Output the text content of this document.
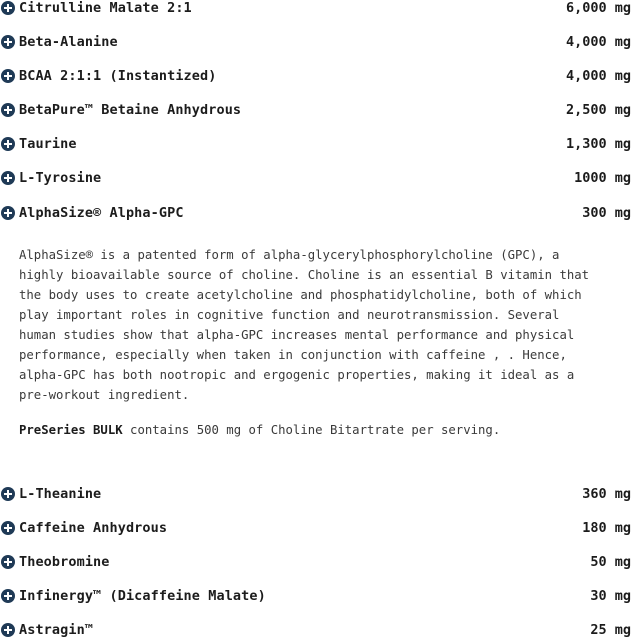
Citrulline Malate 2:1	6,000 mg
Beta-Alanine	4,000 mg
BCAA 2:1:1 (Instantized)	4,000 mg
BetaPure™ Betaine Anhydrous	2,500 mg
Taurine	1,300 mg
L-Tyrosine	1000 mg
AlphaSize® Alpha-GPC	300 mg

AlphaSize® is a patented form of alpha-glycerylphosphorylcholine (GPC), a

highly bioavailable source of choline. Choline is an essential B vitamin that

the body uses to create acetylcholine and phosphatidylcholine, both of which

play important roles in cognitive function and neurotransmission. Several

human studies show that alpha-GPC increases mental performance and physical

performance, especially when taken in conjunction with caffeine , . Hence,

alpha-GPC has both nootropic and ergogenic properties, making it ideal as a

pre-workout ingredient.

PreSeries BULK contains 500 mg of Choline Bitartrate per serving.
L-Theanine	360 mg
Caffeine Anhydrous	180 mg
Theobromine	50 mg
Infinergy™ (Dicaffeine Malate)	30 mg
Astragin™	25 mg
